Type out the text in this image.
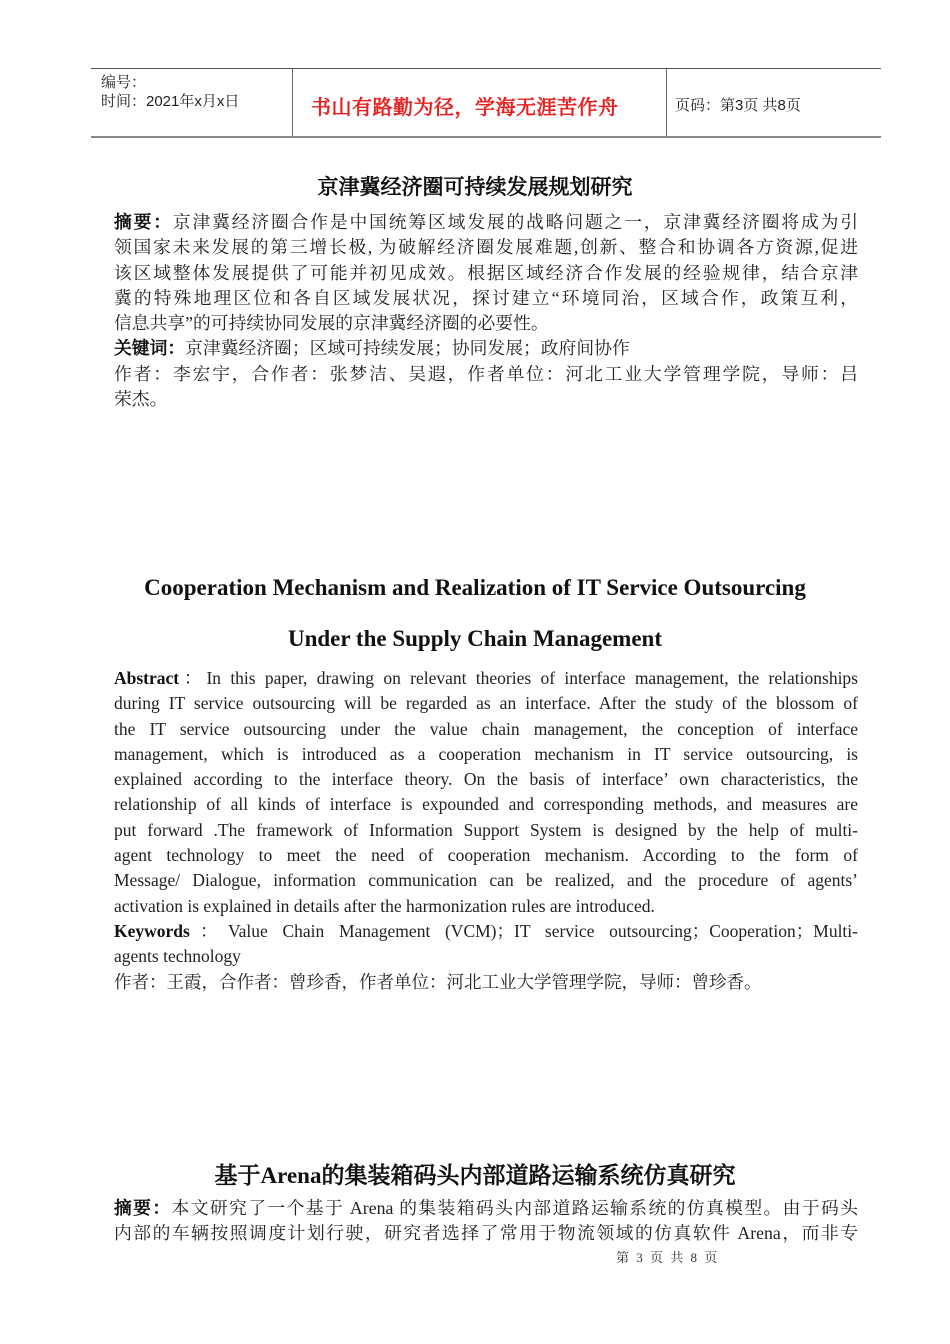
编号：
时间：2021年x月x日	书山有路勤为径，学海无涯苦作舟	页码：第3页 共8页
京津冀经济圈可持续发展规划研究
摘要：京津冀经济圈合作是中国统筹区域发展的战略问题之一，京津冀经济圈将成为引
领国家未来发展的第三增长极, 为破解经济圈发展难题,创新、整合和协调各方资源,促进
该区域整体发展提供了可能并初见成效。根据区域经济合作发展的经验规律，结合京津
冀的特殊地理区位和各自区域发展状况，探讨建立“环境同治，区域合作，政策互利，
信息共享”的可持续协同发展的京津冀经济圈的必要性。
关键词：京津冀经济圈；区域可持续发展；协同发展；政府间协作
作者：李宏宇，合作者：张梦洁、吴遐，作者单位：河北工业大学管理学院，导师：吕
荣杰。
Cooperation Mechanism and Realization of IT Service Outsourcing
Under the Supply Chain Management
Abstract：In this paper, drawing on relevant theories of interface management, the relationships
during IT service outsourcing will be regarded as an interface. After the study of the blossom of
the IT service outsourcing under the value chain management, the conception of interface
management, which is introduced as a cooperation mechanism in IT service outsourcing, is
explained according to the interface theory. On the basis of interface’ own characteristics, the
relationship of all kinds of interface is expounded and corresponding methods, and measures are
put forward .The framework of Information Support System is designed by the help of multi-
agent technology to meet the need of cooperation mechanism. According to the form of
Message/ Dialogue, information communication can be realized, and the procedure of agents’
activation is explained in details after the harmonization rules are introduced.
Keywords：Value Chain Management (VCM)；IT service outsourcing；Cooperation；Multi-
agents technology
作者：王霞，合作者：曾珍香，作者单位：河北工业大学管理学院，导师：曾珍香。
基于Arena的集装箱码头内部道路运输系统仿真研究
摘要：本文研究了一个基于 Arena 的集装箱码头内部道路运输系统的仿真模型。由于码头
内部的车辆按照调度计划行驶，研究者选择了常用于物流领域的仿真软件 Arena，而非专
第 3 页 共 8 页
